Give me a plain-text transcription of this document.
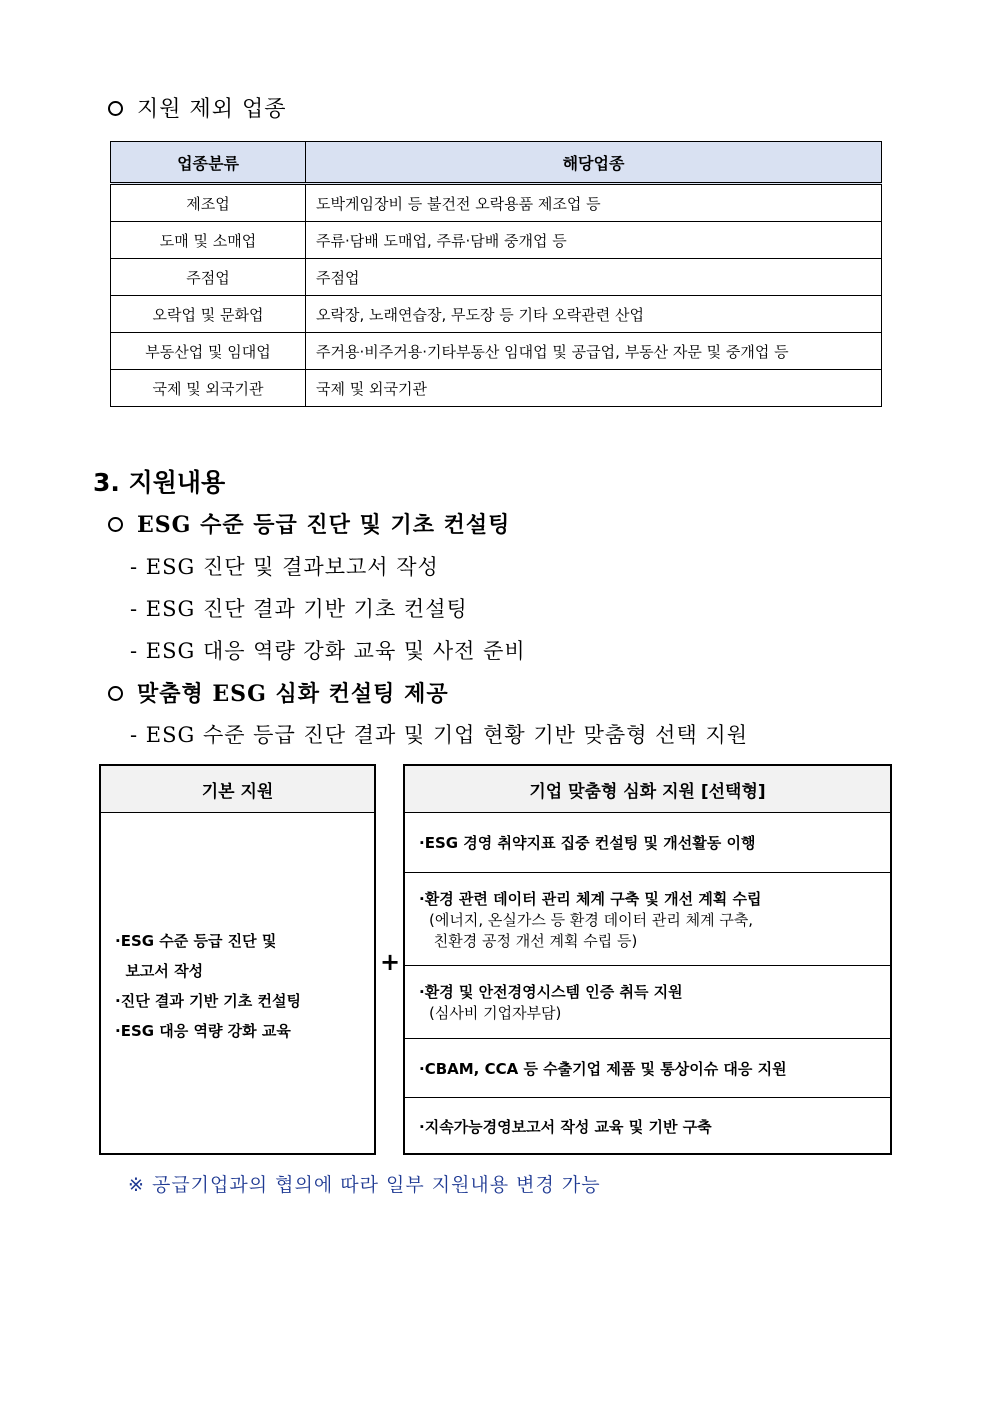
지원 제외 업종
업종분류	해당업종
제조업	도박게임장비 등 불건전 오락용품 제조업 등
도매 및 소매업	주류·담배 도매업, 주류·담배 중개업 등
주점업	주점업
오락업 및 문화업	오락장, 노래연습장, 무도장 등 기타 오락관련 산업
부동산업 및 임대업	주거용·비주거용·기타부동산 임대업 및 공급업, 부동산 자문 및 중개업 등
국제 및 외국기관	국제 및 외국기관
3. 지원내용
ESG 수준 등급 진단 및 기초 컨설팅
- ESG 진단 및 결과보고서 작성
- ESG 진단 결과 기반 기초 컨설팅
- ESG 대응 역량 강화 교육 및 사전 준비
맞춤형 ESG 심화 컨설팅 제공
- ESG 수준 등급 진단 결과 및 기업 현황 기반 맞춤형 선택 지원
기본 지원
·ESG 수준 등급 진단 및
보고서 작성
·진단 결과 기반 기초 컨설팅
·ESG 대응 역량 강화 교육
+
기업 맞춤형 심화 지원 [선택형]
·ESG 경영 취약지표 집중 컨설팅 및 개선활동 이행
·환경 관련 데이터 관리 체계 구축 및 개선 계획 수립
(에너지, 온실가스 등 환경 데이터 관리 체계 구축,
친환경 공정 개선 계획 수립 등)
·환경 및 안전경영시스템 인증 취득 지원
(심사비 기업자부담)
·CBAM, CCA 등 수출기업 제품 및 통상이슈 대응 지원
·지속가능경영보고서 작성 교육 및 기반 구축
※ 공급기업과의 협의에 따라 일부 지원내용 변경 가능
